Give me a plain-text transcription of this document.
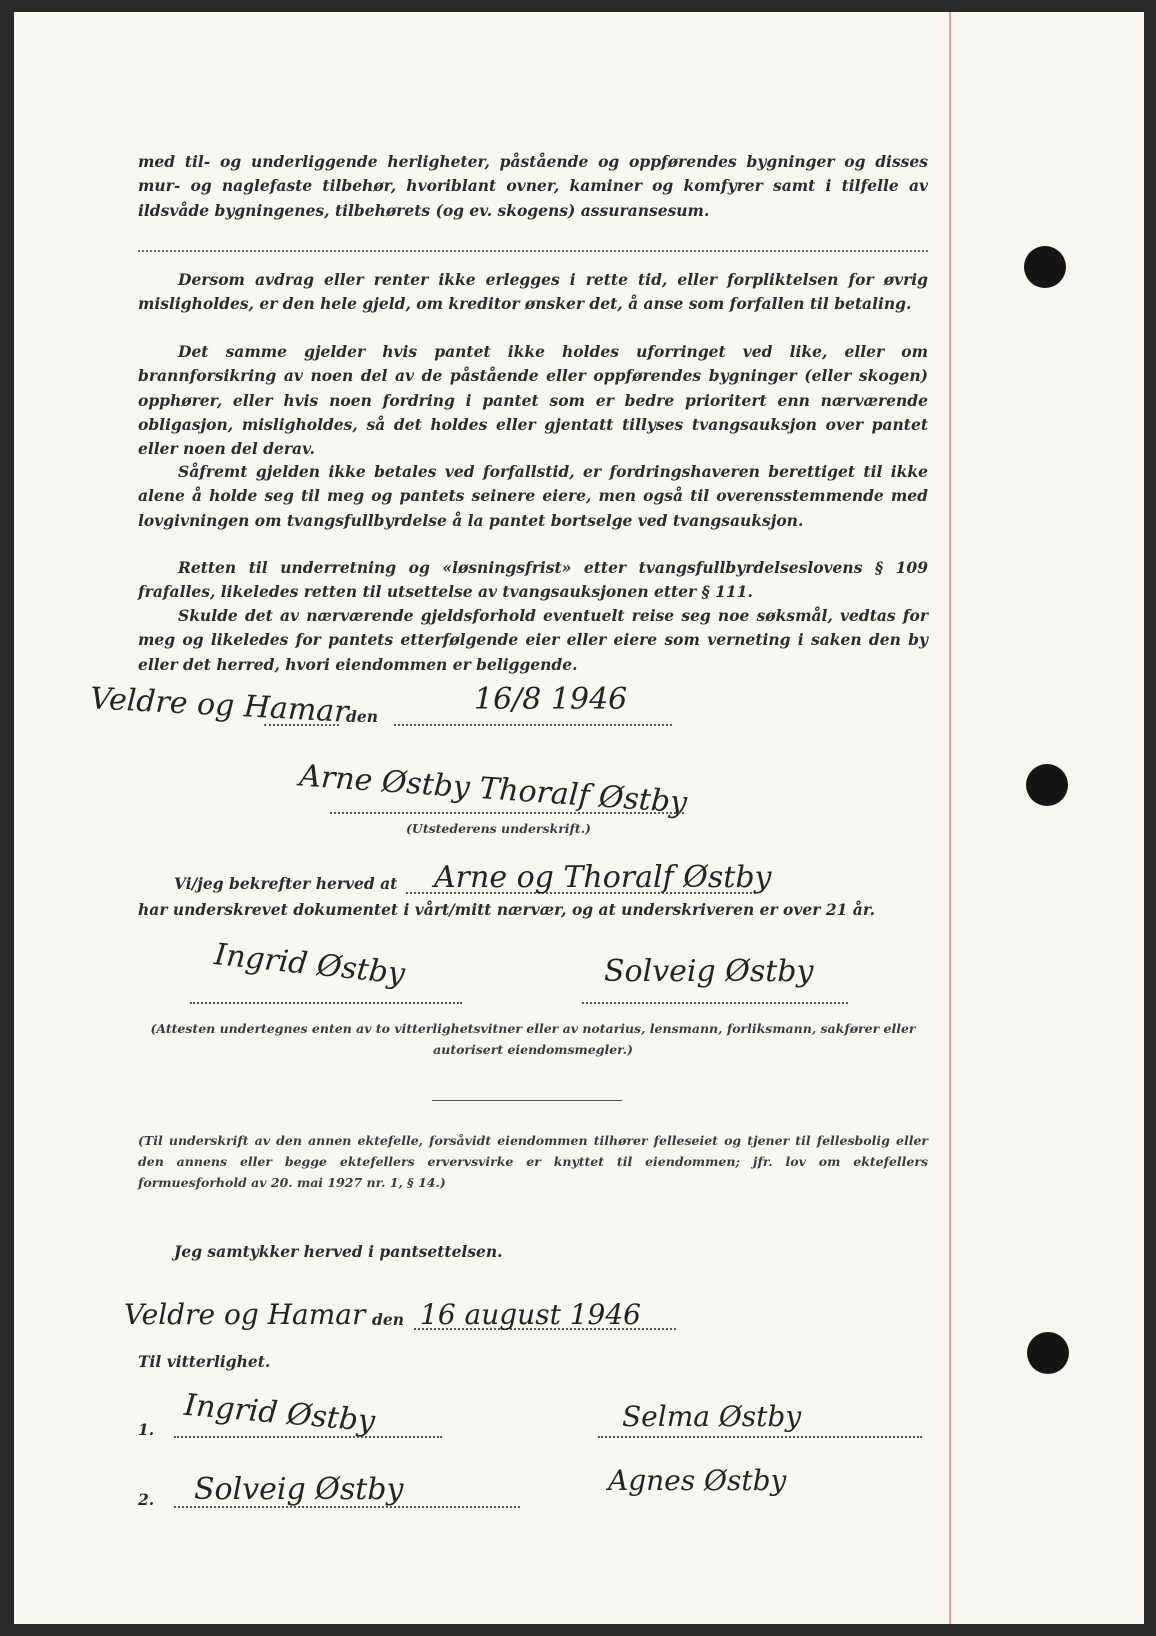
med til- og underliggende herligheter, påstående og oppførendes bygninger og disses mur- og naglefaste tilbehør, hvoriblant ovner, kaminer og komfyrer samt i tilfelle av ildsvåde bygningenes, tilbehørets (og ev. skogens) assuransesum.

Dersom avdrag eller renter ikke erlegges i rette tid, eller forpliktelsen for øvrig misligholdes, er den hele gjeld, om kreditor ønsker det, å anse som forfallen til betaling.

Det samme gjelder hvis pantet ikke holdes uforringet ved like, eller om brannforsikring av noen del av de påstående eller oppførendes bygninger (eller skogen) opphører, eller hvis noen fordring i pantet som er bedre prioritert enn nærværende obligasjon, misligholdes, så det holdes eller gjentatt tillyses tvangsauksjon over pantet eller noen del derav.

Såfremt gjelden ikke betales ved forfallstid, er fordringshaveren berettiget til ikke alene å holde seg til meg og pantets seinere eiere, men også til overensstemmende med lovgivningen om tvangsfullbyrdelse å la pantet bortselge ved tvangsauksjon.

Retten til underretning og «løsningsfrist» etter tvangsfullbyrdelseslovens § 109 frafalles, likeledes retten til utsettelse av tvangsauksjonen etter § 111.

Skulde det av nærværende gjeldsforhold eventuelt reise seg noe søksmål, vedtas for meg og likeledes for pantets etterfølgende eier eller eiere som verneting i saken den by eller det herred, hvori eiendommen er beliggende.

Veldre og Hamar
den	16/8 1946
Arne Østby Thoralf Østby
(Utstederens underskrift.)
Vi/jeg bekrefter herved at Arne og Thoralf Østby
har underskrevet dokumentet i vårt/mitt nærvær, og at underskriveren er over 21 år.
Ingrid Østby	Solveig Østby
(Attesten undertegnes enten av to vitterlighetsvitner eller av notarius, lensmann, forliksmann, sakfører eller autorisert eiendomsmegler.)
(Til underskrift av den annen ektefelle, forsåvidt eiendommen tilhører felleseiet og tjener til fellesbolig eller den annens eller begge ektefellers ervervsvirke er knyttet til eiendommen; jfr. lov om ektefellers formuesforhold av 20. mai 1927 nr. 1, § 14.)
Jeg samtykker herved i pantsettelsen.
Veldre og Hamar den 16 august 1946
Til vitterlighet.
1. Ingrid Østby	Selma Østby
2. Solveig Østby	Agnes Østby
